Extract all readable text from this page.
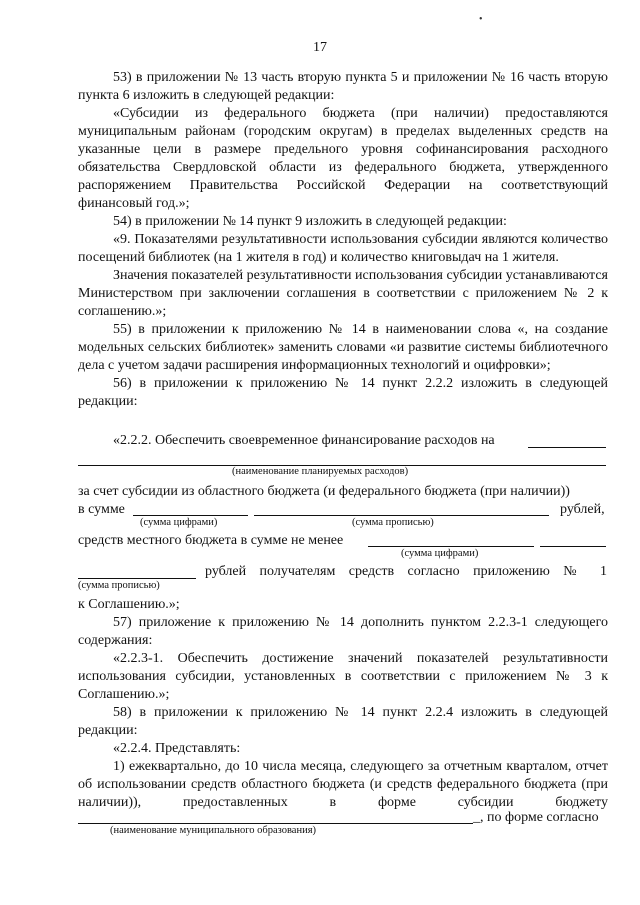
•
17

53) в приложении № 13 часть вторую пункта 5 и приложении № 16 часть вторую пункта 6 изложить в следующей редакции:

«Субсидии из федерального бюджета (при наличии) предоставляются муниципальным районам (городским округам) в пределах выделенных средств на указанные цели в размере предельного уровня софинансирования расходного обязательства Свердловской области из федерального бюджета, утвержденного распоряжением Правительства Российской Федерации на соответствующий финансовый год.»;

54) в приложении № 14 пункт 9 изложить в следующей редакции:

«9. Показателями результативности использования субсидии являются количество посещений библиотек (на 1 жителя в год) и количество книговыдач на 1 жителя.

Значения показателей результативности использования субсидии устанавливаются Министерством при заключении соглашения в соответствии с приложением № 2 к соглашению.»;

55) в приложении к приложению № 14 в наименовании слова «, на создание модельных сельских библиотек» заменить словами «и развитие системы библиотечного дела с учетом задачи расширения информационных технологий и оцифровки»;

56) в приложении к приложению № 14 пункт 2.2.2 изложить в следующей редакции:

«2.2.2. Обеспечить своевременное финансирование расходов на
(наименование планируемых расходов)
за счет субсидии из областного бюджета (и федерального бюджета (при наличии))
в сумме	рублей,
(сумма цифрами)	(сумма прописью)
средств местного бюджета в сумме не менее
(сумма цифрами)
рублей получателям средств согласно приложению № 1
(сумма прописью)
к Соглашению.»;

57) приложение к приложению № 14 дополнить пунктом 2.2.3-1 следующего содержания:

«2.2.3-1. Обеспечить достижение значений показателей результативности использования субсидии, установленных в соответствии с приложением № 3 к Соглашению.»;

58) в приложении к приложению № 14 пункт 2.2.4 изложить в следующей редакции:

«2.2.4. Представлять:

1) ежеквартально, до 10 числа месяца, следующего за отчетным кварталом, отчет об использовании средств областного бюджета (и средств федерального бюджета (при наличии)), предоставленных в форме субсидии бюджету

_, по форме согласно
(наименование муниципального образования)
